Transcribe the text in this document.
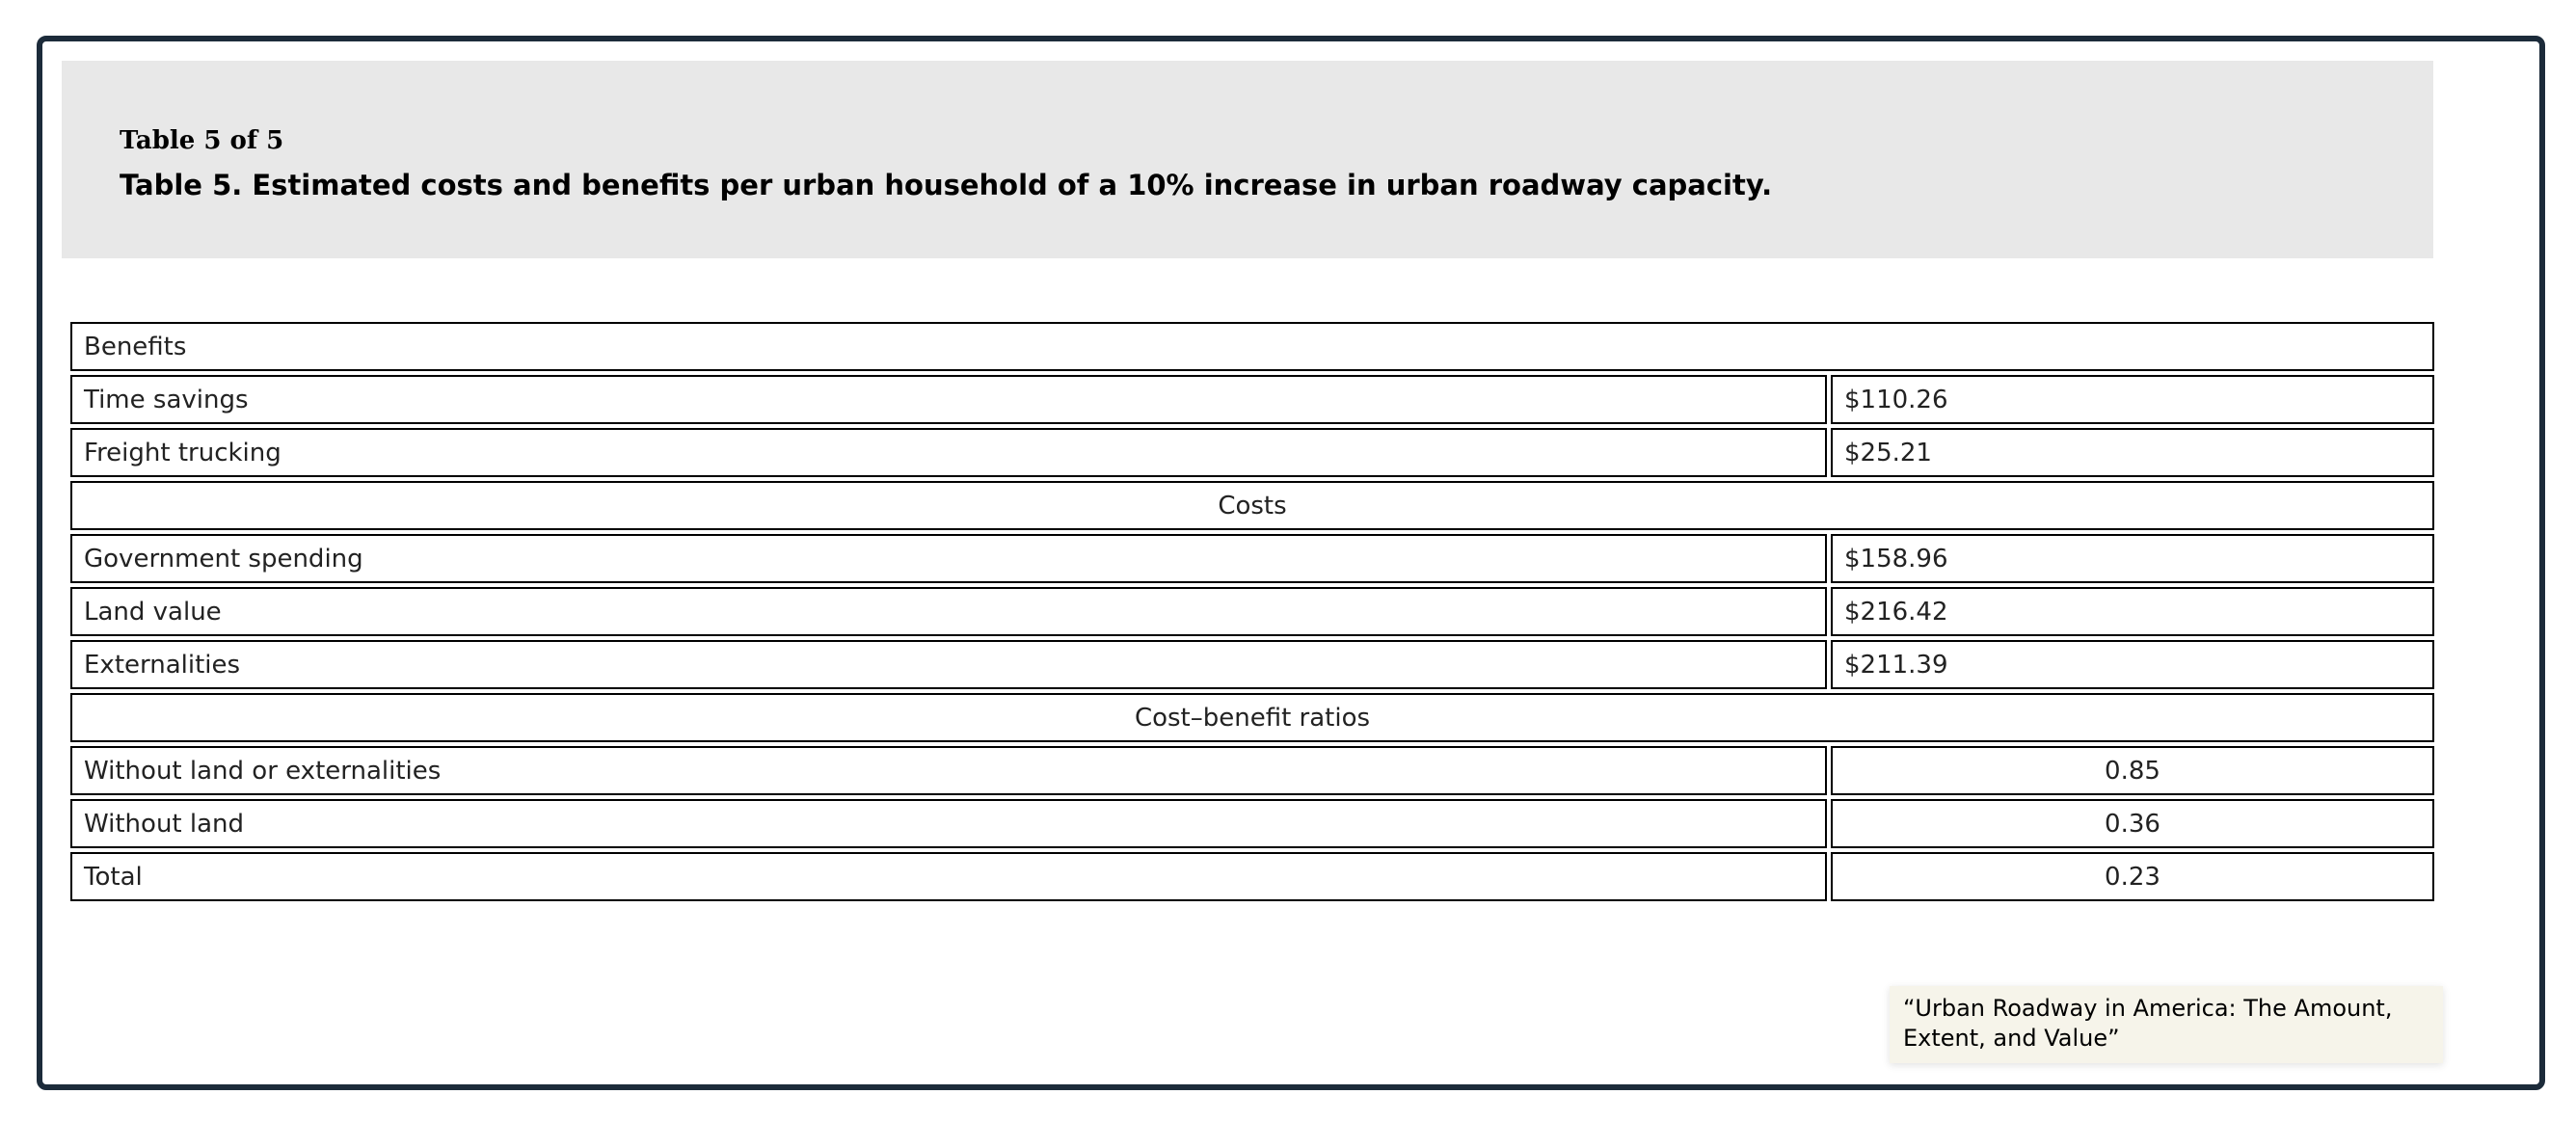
Table 5 of 5
Table 5. Estimated costs and benefits per urban household of a 10% increase in urban roadway capacity.
Benefits	
Time savings	$110.26
Freight trucking	$25.21
Costs	
Government spending	$158.96
Land value	$216.42
Externalities	$211.39
Cost–benefit ratios	
Without land or externalities	0.85
Without land	0.36
Total	0.23
“Urban Roadway in America: The Amount, Extent, and Value”
